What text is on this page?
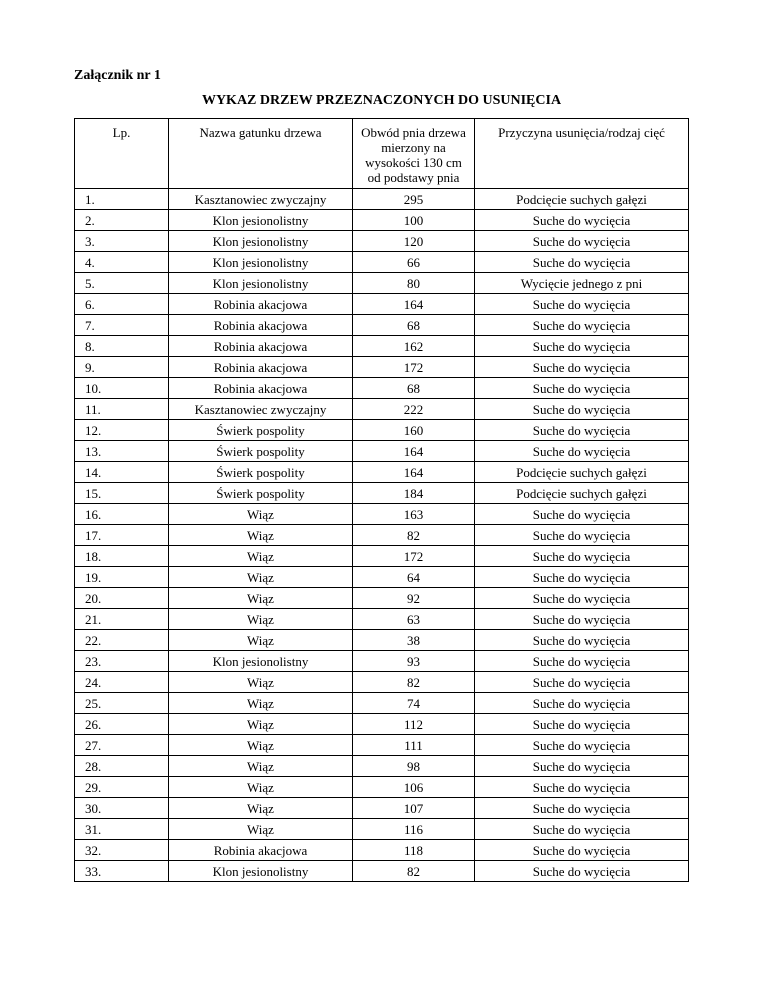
Załącznik nr 1

WYKAZ DRZEW PRZEZNACZONYCH DO USUNIĘCIA

Lp.	Nazwa gatunku drzewa	Obwód pnia drzewa mierzony na wysokości 130 cm od podstawy pnia	Przyczyna usunięcia/rodzaj cięć
1.	Kasztanowiec zwyczajny	295	Podcięcie suchych gałęzi
2.	Klon jesionolistny	100	Suche do wycięcia
3.	Klon jesionolistny	120	Suche do wycięcia
4.	Klon jesionolistny	66	Suche do wycięcia
5.	Klon jesionolistny	80	Wycięcie jednego z pni
6.	Robinia akacjowa	164	Suche do wycięcia
7.	Robinia akacjowa	68	Suche do wycięcia
8.	Robinia akacjowa	162	Suche do wycięcia
9.	Robinia akacjowa	172	Suche do wycięcia
10.	Robinia akacjowa	68	Suche do wycięcia
11.	Kasztanowiec zwyczajny	222	Suche do wycięcia
12.	Świerk pospolity	160	Suche do wycięcia
13.	Świerk pospolity	164	Suche do wycięcia
14.	Świerk pospolity	164	Podcięcie suchych gałęzi
15.	Świerk pospolity	184	Podcięcie suchych gałęzi
16.	Wiąz	163	Suche do wycięcia
17.	Wiąz	82	Suche do wycięcia
18.	Wiąz	172	Suche do wycięcia
19.	Wiąz	64	Suche do wycięcia
20.	Wiąz	92	Suche do wycięcia
21.	Wiąz	63	Suche do wycięcia
22.	Wiąz	38	Suche do wycięcia
23.	Klon jesionolistny	93	Suche do wycięcia
24.	Wiąz	82	Suche do wycięcia
25.	Wiąz	74	Suche do wycięcia
26.	Wiąz	112	Suche do wycięcia
27.	Wiąz	111	Suche do wycięcia
28.	Wiąz	98	Suche do wycięcia
29.	Wiąz	106	Suche do wycięcia
30.	Wiąz	107	Suche do wycięcia
31.	Wiąz	116	Suche do wycięcia
32.	Robinia akacjowa	118	Suche do wycięcia
33.	Klon jesionolistny	82	Suche do wycięcia
